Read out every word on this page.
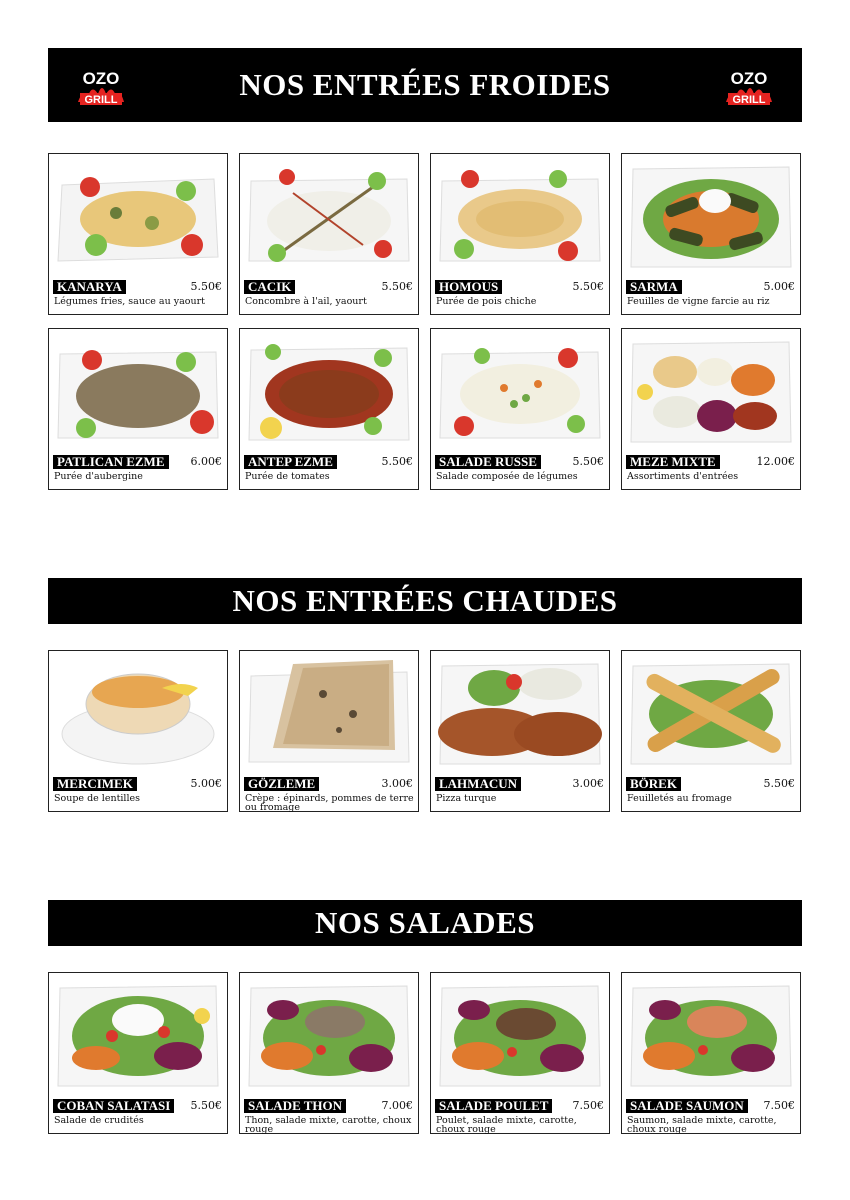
OZO
GRILL	NOS ENTRÉES FROIDES	OZO
GRILL
KANARYA	5.50€
Légumes fries, sauce au yaourt
CACIK	5.50€
Concombre à l'ail, yaourt
HOMOUS	5.50€
Purée de pois chiche
SARMA	5.00€
Feuilles de vigne farcie au riz
PATLICAN EZME	6.00€
Purée d'aubergine
ANTEP EZME	5.50€
Purée de tomates
SALADE RUSSE	5.50€
Salade composée de légumes
MEZE MIXTE	12.00€
Assortiments d'entrées
NOS ENTRÉES CHAUDES
MERCIMEK	5.00€
Soupe de lentilles
GÖZLEME	3.00€
Crèpe : épinards, pommes de terre ou fromage
LAHMACUN	3.00€
Pizza turque
BÖREK	5.50€
Feuilletés au fromage
NOS SALADES
COBAN SALATASI	5.50€
Salade de crudités
SALADE THON	7.00€
Thon, salade mixte, carotte, choux rouge
SALADE POULET	7.50€
Poulet, salade mixte, carotte, choux rouge
SALADE SAUMON	7.50€
Saumon, salade mixte, carotte, choux rouge
